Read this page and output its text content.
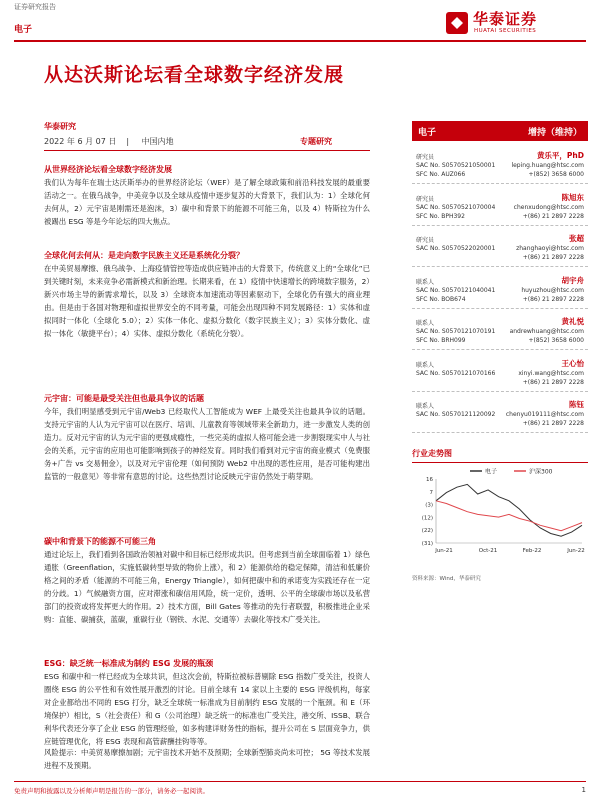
证券研究报告
电子
华泰证券
HUATAI SECURITIES
从达沃斯论坛看全球数字经济发展
华泰研究
2022 年 6 月 07 日 | 中国内地	专题研究
从世界经济论坛看全球数字经济发展
我们认为每年在瑞士达沃斯举办的世界经济论坛（WEF）是了解全球政策和前沿科技发展的最重要活动之一。在俄乌战争，中美竞争以及全球从疫情中逐步复苏的大背景下，我们认为：1）全球化何去何从，2）元宇宙是刚需还是泡沫，3）碳中和背景下的能源不可能三角，以及 4）特斯拉为什么被踢出 ESG 等是今年论坛的四大焦点。
全球化何去何从：是走向数字民族主义还是系统化分裂？
在中美贸易摩擦、俄乌战争、上海疫情管控等造成供应链冲击的大背景下，传统意义上的“全球化”已到关键时刻，未来竞争必需新模式和新治理。长期来看，在 1）疫情中快速增长的跨境数字服务，2）新兴市场主导的新需求增长，以及 3）全球资本加速流动等因素驱动下，全球化仍有强大的商业理由。但是由于各国对物理和虚拟世界安全的不同考量，可能会出现四种不同发展路径：1）实体和虚拟同时一体化（全球化 5.0）；2）实体一体化、虚拟分数化（数字民族主义）；3）实体分数化、虚拟一体化（敏捷平台）；4）实体、虚拟分数化（系统化分裂）。
元宇宙：可能是最受关注但也最具争议的话题
今年，我们明显感受到元宇宙/Web3 已经取代人工智能成为 WEF 上最受关注也最具争议的话题。支持元宇宙的人认为元宇宙可以在医疗、培训、儿童教育等领域带来全新助力，进一步激发人类的创造力。反对元宇宙的认为元宇宙的更强成瘾性，一些完美的虚拟人格可能会进一步割裂现实中人与社会的关系，元宇宙的应用也可能影响到孩子的神经发育。同时我们看到对元宇宙的商业模式（免费服务+广告 vs 交易佣金），以及对元宇宙伦理（如何预防 Web2 中出现的恶性应用，是否可能构建出监管的一般意见）等非常有意思的讨论。这些热烈讨论反映元宇宙仍然处于萌芽期。
碳中和背景下的能源不可能三角
通过论坛上，我们看到各国政治领袖对碳中和目标已经形成共识。但考虑到当前全球面临着 1）绿色通胀（Greenflation，实施低碳转型导致的物价上涨），和 2）能源供给的稳定保障，清洁和低廉价格之间的矛盾（能源的不可能三角，Energy Triangle），如何把碳中和的承诺变为实践还存在一定的分歧。1）气候融资方面，应对滞涨和碳信用风险，统一定价，透明、公平的全球碳市场以及私营部门的投资或将发挥更大的作用。2）技术方面，Bill Gates 等推动的先行者联盟，积极推进企业采购：直能、碳捕获，蓝碳，重碳行业（钢铁、水泥、交通等）去碳化等技术广受关注。
ESG：缺乏统一标准成为制约 ESG 发展的瓶颈
ESG 和碳中和一样已经成为全球共识，但这次会前，特斯拉被标普剔除 ESG 指数广受关注，投资人圈绕 ESG 的公平性和有效性展开激烈的讨论。目前全球有 14 家以上主要的 ESG 评级机构，每家对企业都给出不同的 ESG 打分，缺乏全球统一标准成为目前制约 ESG 发展的一个瓶颈。和 E（环境保护）相比，S（社会责任）和 G（公司治理）缺乏统一的标准也广受关注，港交所、ISSB、联合利华代表还分享了企业 ESG 的管理经验，如多构建详财务性的指标，提升公司在 S 层面竞争力，供应链管理优化，将 ESG 表现和高管薪酬挂钩等等。
风险提示：中美贸易摩擦加剧；元宇宙技术开始不及预期；全球新型肺炎尚未可控； 5G 等技术发展进程不及预期。
电子	增持（维持）
研究员	黄乐平，PhD
SAC No. S0570521050001	leping.huang@htsc.com
SFC No. AUZ066	+(852) 3658 6000
研究员	陈旭东
SAC No. S0570521070004	chenxudong@htsc.com
SFC No. BPH392	+(86) 21 2897 2228
研究员	张超
SAC No. S0570522020001	zhanghaoyi@htsc.com
+(86) 21 2897 2228
联系人	胡宇舟
SAC No. S0570121040041	huyuzhou@htsc.com
SFC No. BOB674	+(86) 21 2897 2228
联系人	黄礼悦
SAC No. S0570121070191 andrewhuang@htsc.com
SFC No. BRH099	+(852) 3658 6000
联系人	王心怡
SAC No. S0570121070166	xinyi.wang@htsc.com
+(86) 21 2897 2228
联系人	陈钰
SAC No. S0570121120092 chenyu019111@htsc.com
+(86) 21 2897 2228
行业走势图
电子	沪深300
16
7
(3)
(12)
(22)
(31)
Jun-21	Oct-21	Feb-22	Jun-22
资料来源：Wind，华泰研究
免责声明和披露以及分析师声明是报告的一部分，请务必一起阅读。	1
